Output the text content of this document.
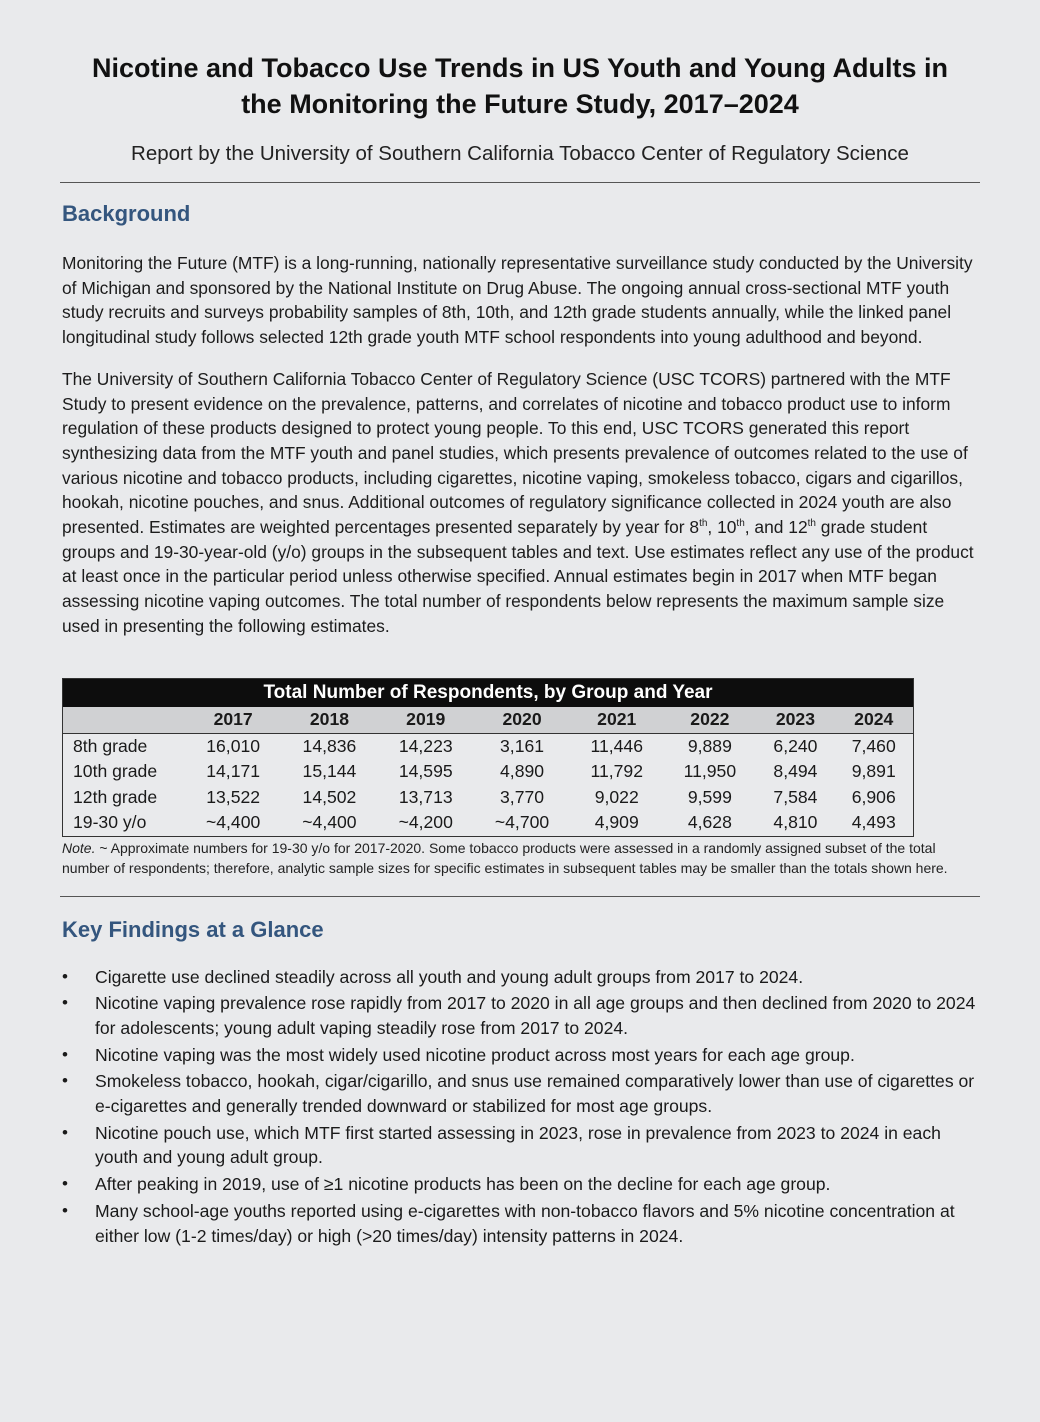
Nicotine and Tobacco Use Trends in US Youth and Young Adults in
the Monitoring the Future Study, 2017–2024
Report by the University of Southern California Tobacco Center of Regulatory Science
Background

Monitoring the Future (MTF) is a long-running, nationally representative surveillance study conducted by the University of Michigan and sponsored by the National Institute on Drug Abuse. The ongoing annual cross-sectional MTF youth study recruits and surveys probability samples of 8th, 10th, and 12th grade students annually, while the linked panel longitudinal study follows selected 12th grade youth MTF school respondents into young adulthood and beyond.

The University of Southern California Tobacco Center of Regulatory Science (USC TCORS) partnered with the MTF Study to present evidence on the prevalence, patterns, and correlates of nicotine and tobacco product use to inform regulation of these products designed to protect young people. To this end, USC TCORS generated this report synthesizing data from the MTF youth and panel studies, which presents prevalence of outcomes related to the use of various nicotine and tobacco products, including cigarettes, nicotine vaping, smokeless tobacco, cigars and cigarillos, hookah, nicotine pouches, and snus. Additional outcomes of regulatory significance collected in 2024 youth are also presented. Estimates are weighted percentages presented separately by year for 8th, 10th, and 12th grade student groups and 19-30-year-old (y/o) groups in the subsequent tables and text. Use estimates reflect any use of the product at least once in the particular period unless otherwise specified. Annual estimates begin in 2017 when MTF began assessing nicotine vaping outcomes. The total number of respondents below represents the maximum sample size used in presenting the following estimates.

Total Number of Respondents, by Group and Year								
	2017	2018	2019	2020	2021	2022	2023	2024
8th grade	16,010	14,836	14,223	3,161	11,446	9,889	6,240	7,460
10th grade	14,171	15,144	14,595	4,890	11,792	11,950	8,494	9,891
12th grade	13,522	14,502	13,713	3,770	9,022	9,599	7,584	6,906
19-30 y/o	~4,400	~4,400	~4,200	~4,700	4,909	4,628	4,810	4,493
Note. ~ Approximate numbers for 19-30 y/o for 2017-2020. Some tobacco products were assessed in a randomly assigned subset of the total number of respondents; therefore, analytic sample sizes for specific estimates in subsequent tables may be smaller than the totals shown here.
Key Findings at a Glance
•	Cigarette use declined steadily across all youth and young adult groups from 2017 to 2024.
•	Nicotine vaping prevalence rose rapidly from 2017 to 2020 in all age groups and then declined from 2020 to 2024 for adolescents; young adult vaping steadily rose from 2017 to 2024.
•	Nicotine vaping was the most widely used nicotine product across most years for each age group.
•	Smokeless tobacco, hookah, cigar/cigarillo, and snus use remained comparatively lower than use of cigarettes or e-cigarettes and generally trended downward or stabilized for most age groups.
•	Nicotine pouch use, which MTF first started assessing in 2023, rose in prevalence from 2023 to 2024 in each youth and young adult group.
•	After peaking in 2019, use of ≥1 nicotine products has been on the decline for each age group.
•	Many school-age youths reported using e-cigarettes with non-tobacco flavors and 5% nicotine concentration at either low (1-2 times/day) or high (>20 times/day) intensity patterns in 2024.
